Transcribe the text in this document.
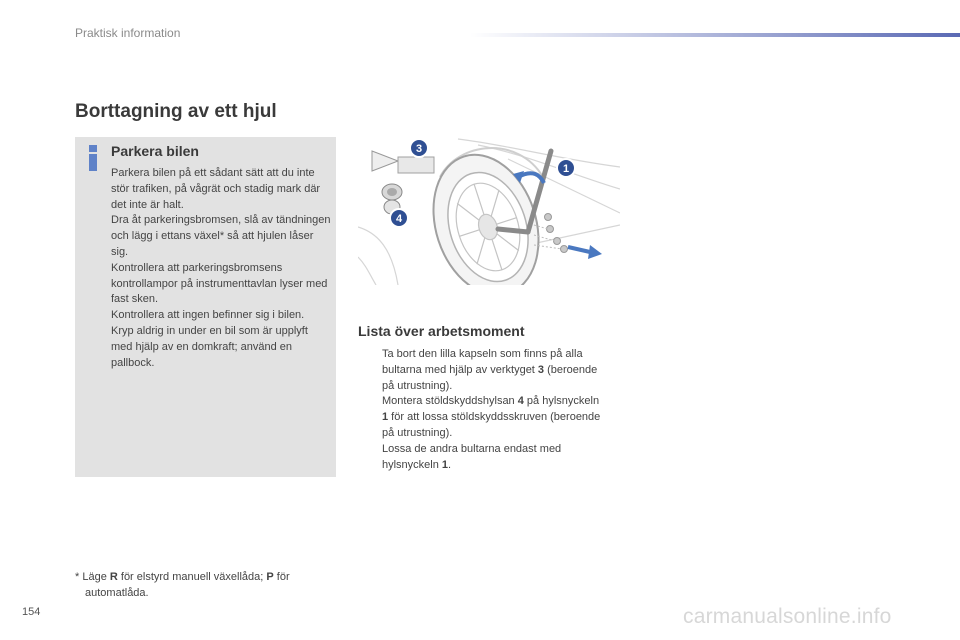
Praktisk information
Borttagning av ett hjul
Parkera bilen

Parkera bilen på ett sådant sätt att du inte stör trafiken, på vågrät och stadig mark där det inte är halt.

Dra åt parkeringsbromsen, slå av tändningen och lägg i ettans växel* så att hjulen låser sig.

Kontrollera att parkeringsbromsens kontrollampor på instrumenttavlan lyser med fast sken.

Kontrollera att ingen befinner sig i bilen.

Kryp aldrig in under en bil som är upplyft med hjälp av en domkraft; använd en pallbock.

1
3
4
Lista över arbetsmoment
Ta bort den lilla kapseln som finns på alla bultarna med hjälp av verktyget 3 (beroende på utrustning).
Montera stöldskyddshylsan 4 på hylsnyckeln 1 för att lossa stöldskyddsskruven (beroende på utrustning).
Lossa de andra bultarna endast med hylsnyckeln 1.
* Läge R för elstyrd manuell växellåda; P för
automatlåda.
154	carmanualsonline.info
